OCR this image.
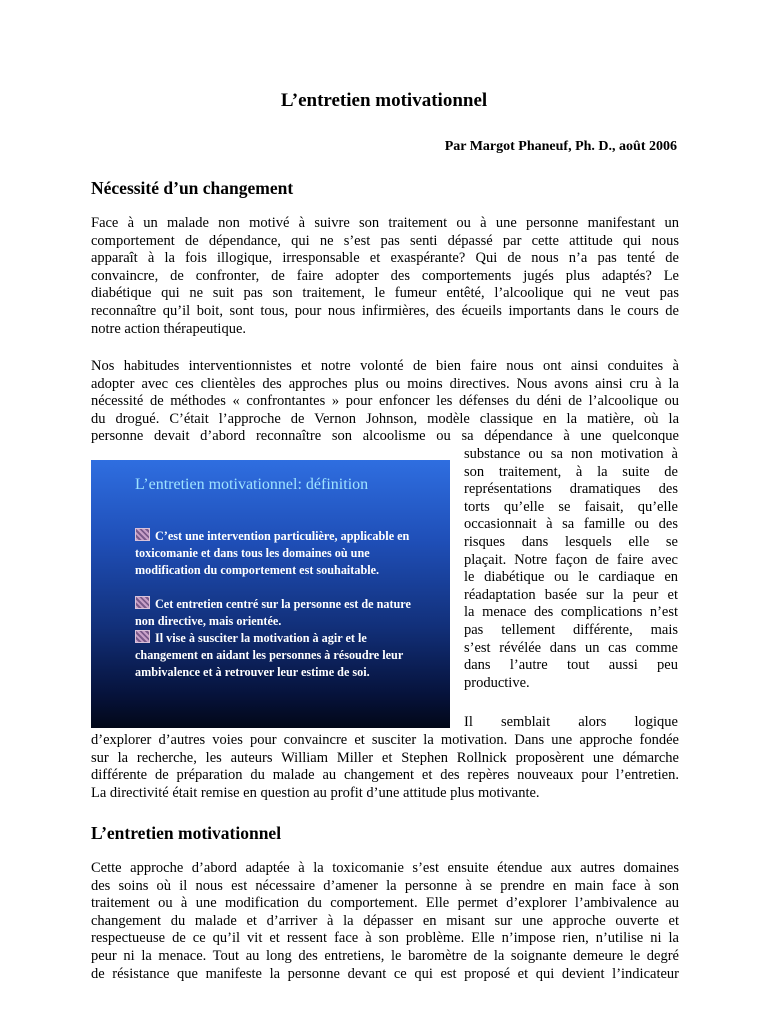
L’entretien motivationnel
Par Margot Phaneuf, Ph. D., août 2006
Nécessité d’un changement
Face à un malade non motivé à suivre son traitement ou à une personne manifestant un
comportement de dépendance, qui ne s’est pas senti dépassé par cette attitude qui nous
apparaît à la fois illogique, irresponsable et exaspérante? Qui de nous n’a pas tenté de
convaincre, de confronter, de faire adopter des comportements jugés plus adaptés? Le
diabétique qui ne suit pas son traitement, le fumeur entêté, l’alcoolique qui ne veut pas
reconnaître qu’il boit, sont tous, pour nous infirmières, des écueils importants dans le cours de
notre action thérapeutique.
Nos habitudes interventionnistes et notre volonté de bien faire nous ont ainsi conduites à
adopter avec ces clientèles des approches plus ou moins directives. Nous avons ainsi cru à la
nécessité de méthodes « confrontantes » pour enfoncer les défenses du déni de l’alcoolique ou
du drogué. C’était l’approche de Vernon Johnson, modèle classique en la matière, où la
personne devait d’abord reconnaître son alcoolisme ou sa dépendance à une quelconque
substance ou sa non motivation à
son traitement, à la suite de
représentations dramatiques des
torts qu’elle se faisait, qu’elle
occasionnait à sa famille ou des
risques dans lesquels elle se
plaçait. Notre façon de faire avec
le diabétique ou le cardiaque en
réadaptation basée sur la peur et
la menace des complications n’est
pas tellement différente, mais
s’est révélée dans un cas comme
dans l’autre tout aussi peu
productive.
L’entretien motivationnel: définition
C’est une intervention particulière, applicable en toxicomanie et dans tous les domaines où une modification du comportement est souhaitable.
Cet entretien centré sur la personne est de nature non directive, mais orientée.
Il vise à susciter la motivation à agir et le changement en aidant les personnes à résoudre leur ambivalence et à retrouver leur estime de soi.
Il semblait alors logique
d’explorer d’autres voies pour convaincre et susciter la motivation. Dans une approche fondée
sur la recherche, les auteurs William Miller et Stephen Rollnick proposèrent une démarche
différente de préparation du malade au changement et des repères nouveaux pour l’entretien.
La directivité était remise en question au profit d’une attitude plus motivante.
L’entretien motivationnel
Cette approche d’abord adaptée à la toxicomanie s’est ensuite étendue aux autres domaines
des soins où il nous est nécessaire d’amener la personne à se prendre en main face à son
traitement ou à une modification du comportement. Elle permet d’explorer l’ambivalence au
changement du malade et d’arriver à la dépasser en misant sur une approche ouverte et
respectueuse de ce qu’il vit et ressent face à son problème. Elle n’impose rien, n’utilise ni la
peur ni la menace. Tout au long des entretiens, le baromètre de la soignante demeure le degré
de résistance que manifeste la personne devant ce qui est proposé et qui devient l’indicateur
